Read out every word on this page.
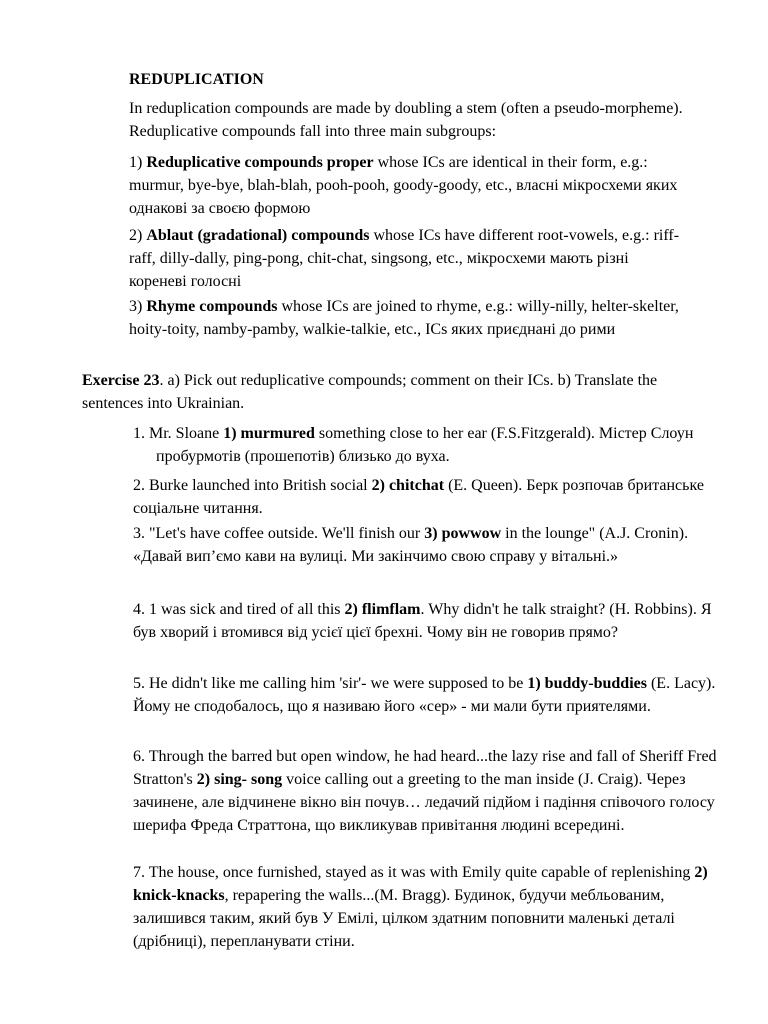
REDUPLICATION

In reduplication compounds are made by doubling a stem (often a pseudo-morpheme). Reduplicative compounds fall into three main subgroups:

1) Reduplicative compounds proper whose ICs are identical in their form, e.g.: murmur, bye-bye, blah-blah, pooh-pooh, goody-goody, etc., власні мікросхеми яких однакові за своєю формою

2) Ablaut (gradational) compounds whose ICs have different root-vowels, e.g.: riff-raff, dilly-dally, ping-pong, chit-chat, singsong, etc., мікросхеми мають різні кореневі голосні

3) Rhyme compounds whose ICs are joined to rhyme, e.g.: willy-nilly, helter-skelter, hoity-toity, namby-pamby, walkie-talkie, etc., ICs яких приєднані до рими

Exercise 23. a) Pick out reduplicative compounds; comment on their ICs. b) Translate the sentences into Ukrainian.

1. Mr. Sloane 1) murmured something close to her ear (F.S.Fitzgerald). Містер Слоун пробурмотів (прошепотів) близько до вуха.

2. Burke launched into British social 2) chitchat (E. Queen). Берк розпочав британське соціальне читання.

3. "Let's have coffee outside. We'll finish our 3) powwow in the lounge" (A.J. Cronin). «Давай вип’ємо кави на вулиці. Ми закінчимо свою справу у вітальні.»

4. 1 was sick and tired of all this 2) flimflam. Why didn't he talk straight? (H. Robbins). Я був хворий і втомився від усієї цієї брехні. Чому він не говорив прямо?

5. He didn't like me calling him 'sir'- we were supposed to be 1) buddy-buddies (E. Lacy). Йому не сподобалось, що я називаю його «сер» - ми мали бути приятелями.

6. Through the barred but open window, he had heard...the lazy rise and fall of Sheriff Fred Stratton's 2) sing- song voice calling out a greeting to the man inside (J. Craig). Через зачинене, але відчинене вікно він почув… ледачий підйом і падіння співочого голосу шерифа Фреда Страттона, що викликував привітання людині всередині.

7. The house, once furnished, stayed as it was with Emily quite capable of replenishing 2) knick-knacks, repapering the walls...(M. Bragg). Будинок, будучи мебльованим, залишився таким, який був У Емілі, цілком здатним поповнити маленькі деталі (дрібниці), перепланувати стіни.
